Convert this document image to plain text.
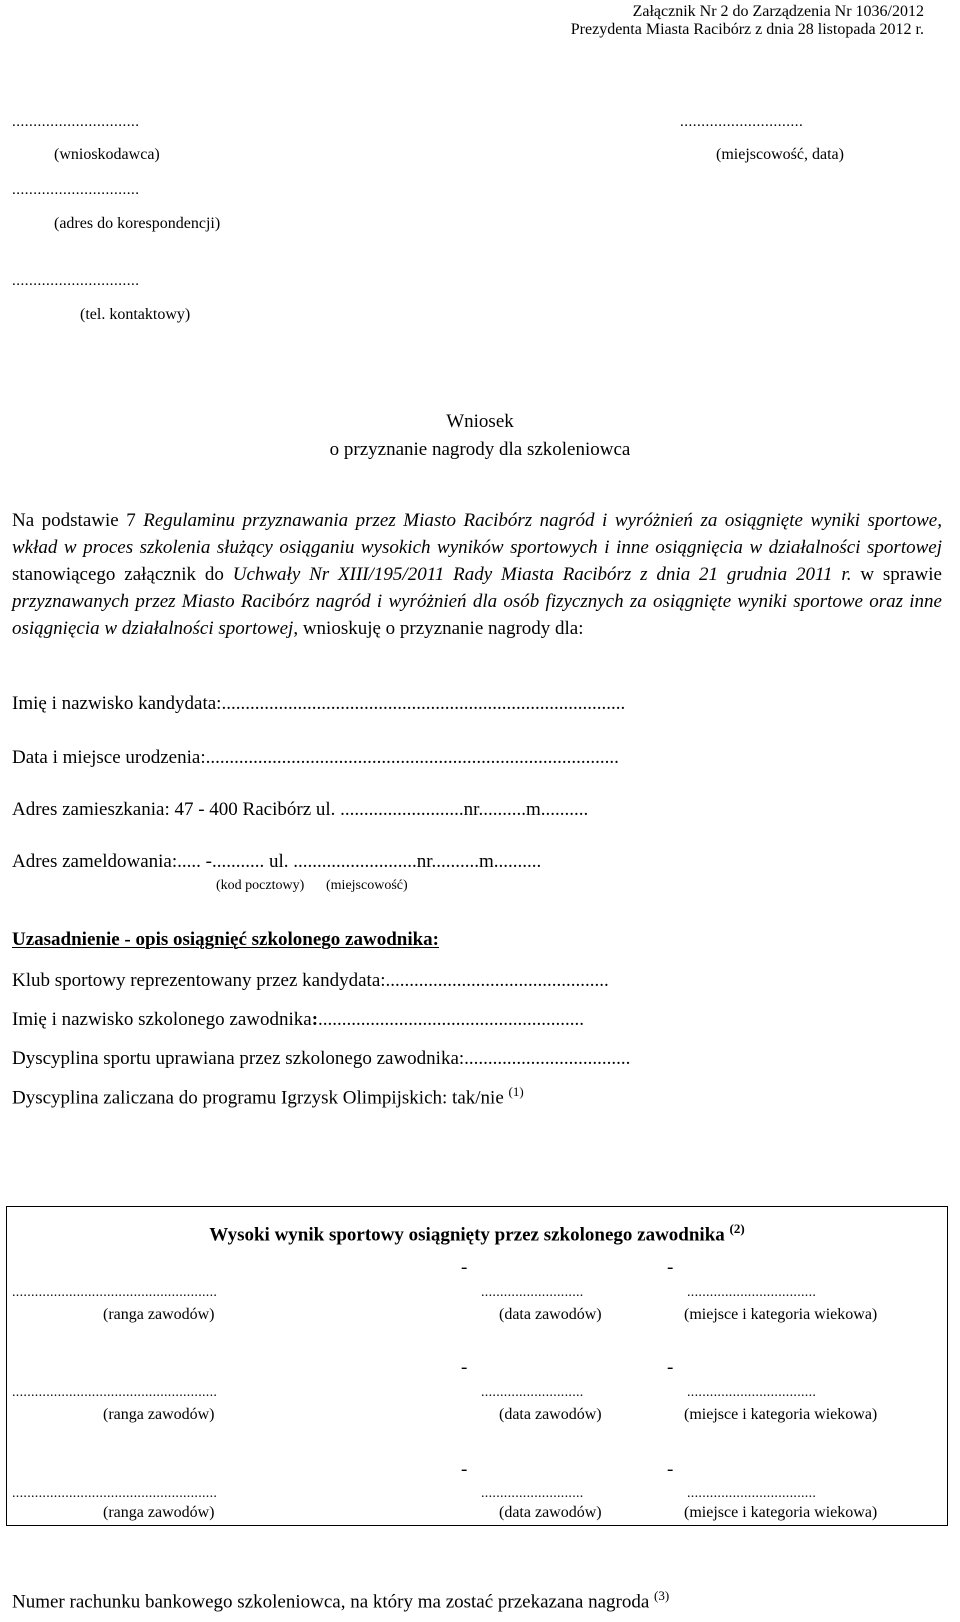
Załącznik Nr 2 do Zarządzenia Nr 1036/2012
Prezydenta Miasta Racibórz z dnia 28 listopada 2012 r.
..............................
(wnioskodawca)
..............................
(adres do korespondencji)
..............................
(tel. kontaktowy)
.............................
(miejscowość, data)
Wniosek
o przyznanie nagrody dla szkoleniowca
Na podstawie 7 Regulaminu przyznawania przez Miasto Racibórz nagród i wyróżnień za osiągnięte wyniki sportowe, wkład w proces szkolenia służący osiąganiu wysokich wyników sportowych i inne osiągnięcia w działalności sportowej stanowiącego załącznik do Uchwały Nr XIII/195/2011 Rady Miasta Racibórz z dnia 21 grudnia 2011 r. w sprawie przyznawanych przez Miasto Racibórz nagród i wyróżnień dla osób fizycznych za osiągnięte wyniki sportowe oraz inne osiągnięcia w działalności sportowej, wnioskuję o przyznanie nagrody dla:
Imię i nazwisko kandydata:.....................................................................................
Data i miejsce urodzenia:.......................................................................................
Adres zamieszkania: 47 - 400 Racibórz ul. ..........................nr..........m..........
Adres zameldowania:..... -........... ul. ..........................nr..........m..........
(kod pocztowy) (miejscowość)
Uzasadnienie - opis osiągnięć szkolonego zawodnika:
Klub sportowy reprezentowany przez kandydata:...............................................
Imię i nazwisko szkolonego zawodnika:........................................................
Dyscyplina sportu uprawiana przez szkolonego zawodnika:...................................
Dyscyplina zaliczana do programu Igrzysk Olimpijskich: tak/nie $^{(1)}$
Wysoki wynik sportowy osiągnięty przez szkolonego zawodnika $^{(2)}$
-	-
......................................................	...........................	..................................
(ranga zawodów)	(data zawodów)	(miejsce i kategoria wiekowa)
-	-
......................................................	...........................	..................................
(ranga zawodów)	(data zawodów)	(miejsce i kategoria wiekowa)
-	-
......................................................	...........................	..................................
(ranga zawodów)	(data zawodów)	(miejsce i kategoria wiekowa)
Numer rachunku bankowego szkoleniowca, na który ma zostać przekazana nagroda $^{(3)}$
